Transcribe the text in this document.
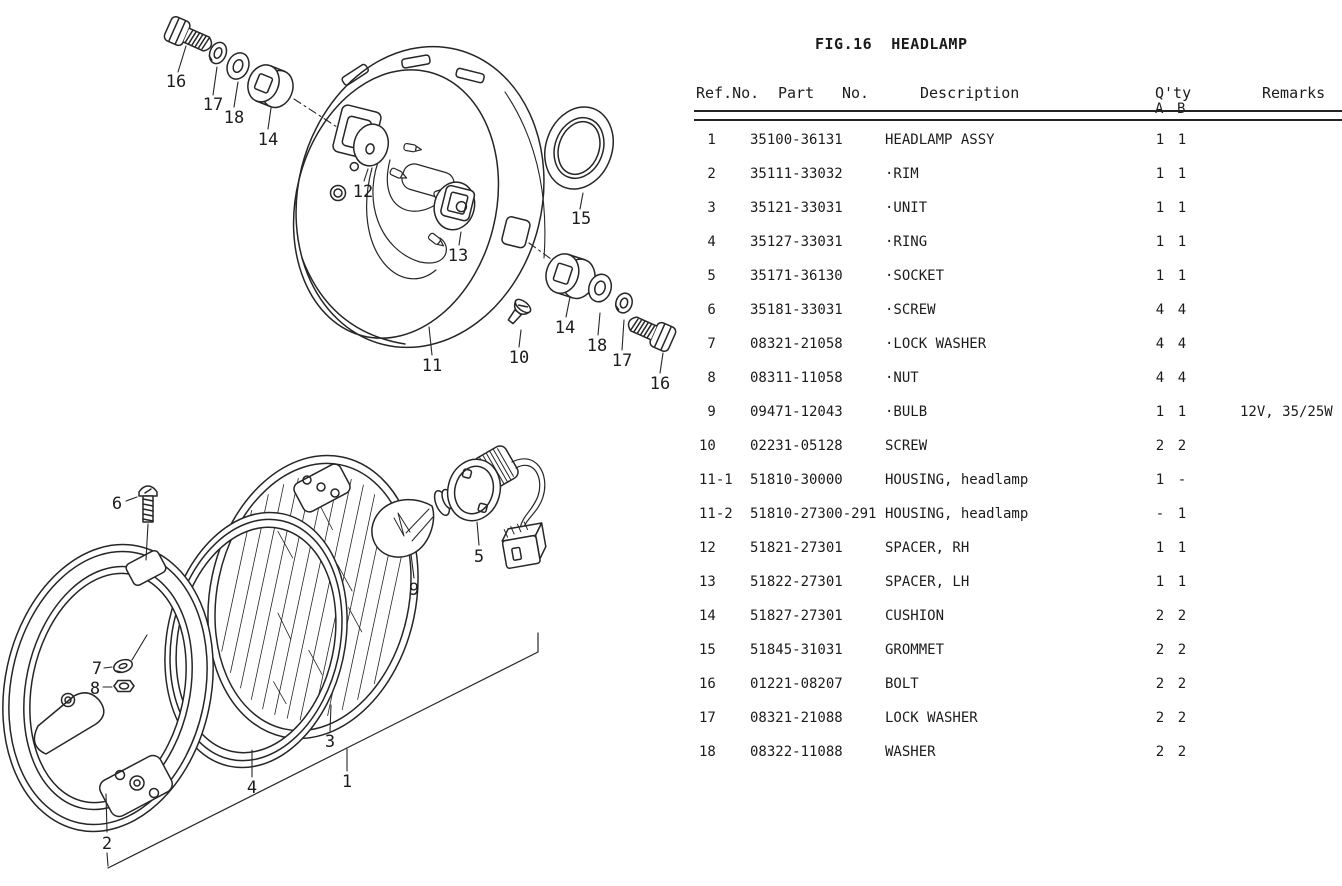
16
17
18
14
12
13
15
11	10
14
18
17
16
6
7
8
2
4
3
1
9
5
FIG.16  HEADLAMP
Ref.No. Part No.	Description	Q'ty
A B
Remarks
1 35100-36131	HEADLAMP ASSY	1 1
2 35111-33032	·RIM	1 1
3 35121-33031	·UNIT	1 1
4 35127-33031	·RING	1 1
5 35171-36130	·SOCKET	1 1
6 35181-33031	·SCREW	4 4
7 08321-21058	·LOCK WASHER	4 4
8 08311-11058	·NUT	4 4
9 09471-12043	·BULB	1 1	12V, 35/25W
10 02231-05128	SCREW	2 2
11-1 51810-30000	HOUSING, headlamp	1 -
11-2 51810-27300-291 HOUSING, headlamp	- 1
12 51821-27301	SPACER, RH	1 1
13 51822-27301	SPACER, LH	1 1
14 51827-27301	CUSHION	2 2
15 51845-31031	GROMMET	2 2
16 01221-08207	BOLT	2 2
17 08321-21088	LOCK WASHER	2 2
18 08322-11088	WASHER	2 2
